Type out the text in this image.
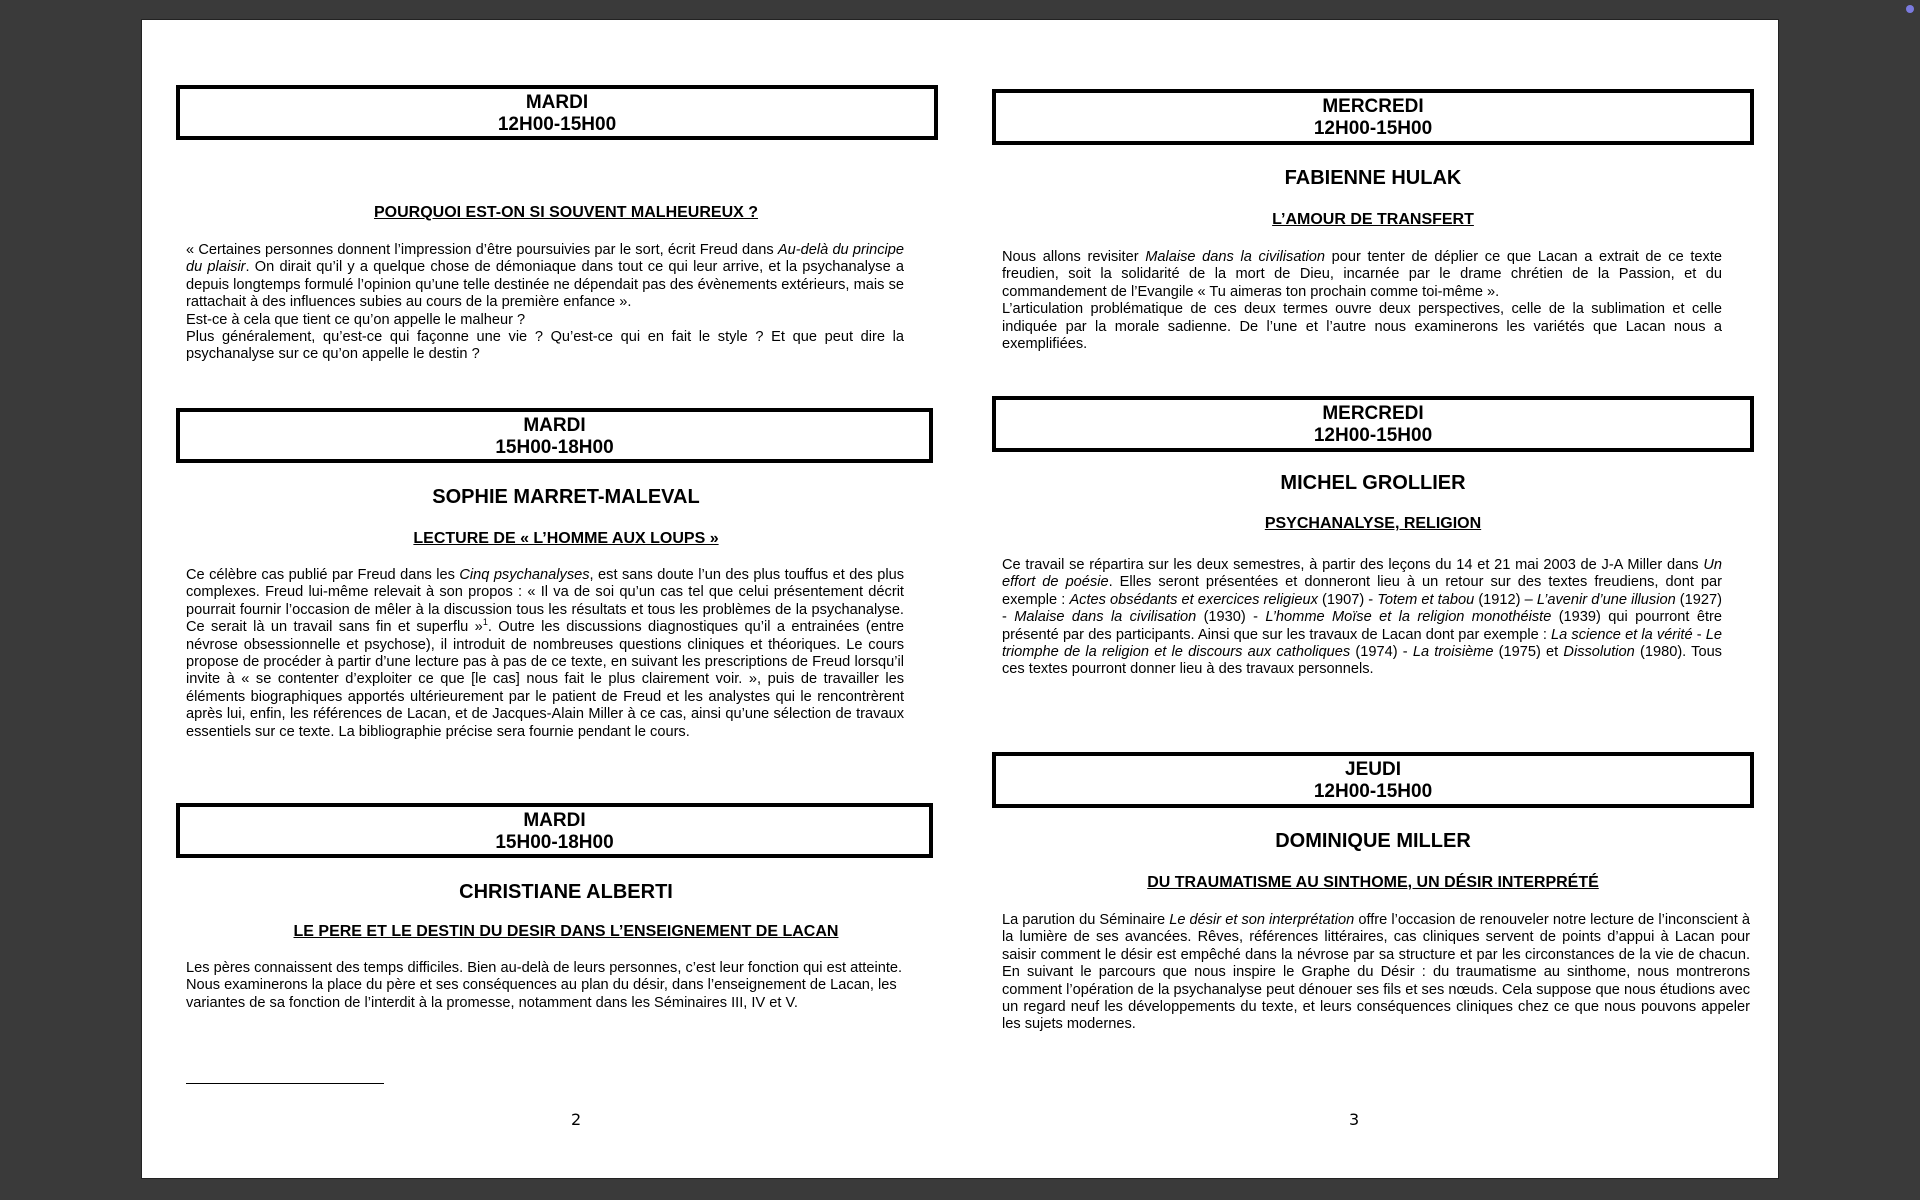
MARDI
12H00-15H00
POURQUOI EST-ON SI SOUVENT MALHEUREUX ?

« Certaines personnes donnent l’impression d’être poursuivies par le sort, écrit Freud dans Au-delà du principe du plaisir. On dirait qu’il y a quelque chose de démoniaque dans tout ce qui leur arrive, et la psychanalyse a depuis longtemps formulé l’opinion qu’une telle destinée ne dépendait pas des évènements extérieurs, mais se rattachait à des influences subies au cours de la première enfance ».

Est-ce à cela que tient ce qu’on appelle le malheur ?

Plus généralement, qu’est-ce qui façonne une vie ? Qu’est-ce qui en fait le style ? Et que peut dire la psychanalyse sur ce qu’on appelle le destin ?

MARDI
15H00-18H00
SOPHIE MARRET-MALEVAL
LECTURE DE « L’HOMME AUX LOUPS »

Ce célèbre cas publié par Freud dans les Cinq psychanalyses, est sans doute l’un des plus touffus et des plus complexes. Freud lui-même relevait à son propos : « Il va de soi qu’un cas tel que celui présentement décrit pourrait fournir l’occasion de mêler à la discussion tous les résultats et tous les problèmes de la psychanalyse. Ce serait là un travail sans fin et superflu »$^1$. Outre les discussions diagnostiques qu’il a entrainées (entre névrose obsessionnelle et psychose), il introduit de nombreuses questions cliniques et théoriques. Le cours propose de procéder à partir d’une lecture pas à pas de ce texte, en suivant les prescriptions de Freud lorsqu’il invite à « se contenter d’exploiter ce que [le cas] nous fait le plus clairement voir. », puis de travailler les éléments biographiques apportés ultérieurement par le patient de Freud et les analystes qui le rencontrèrent après lui, enfin, les références de Lacan, et de Jacques-Alain Miller à ce cas, ainsi qu’une sélection de travaux essentiels sur ce texte. La bibliographie précise sera fournie pendant le cours.

MARDI
15H00-18H00
CHRISTIANE ALBERTI
LE PERE ET LE DESTIN DU DESIR DANS L’ENSEIGNEMENT DE LACAN
Les pères connaissent des temps difficiles. Bien au-delà de leurs personnes, c’est leur fonction qui est atteinte. Nous examinerons la place du père et ses conséquences au plan du désir, dans l’enseignement de Lacan, les variantes de sa fonction de l’interdit à la promesse, notamment dans les Séminaires III, IV et V.
2
MERCREDI
12H00-15H00
FABIENNE HULAK
L’AMOUR DE TRANSFERT

Nous allons revisiter Malaise dans la civilisation pour tenter de déplier ce que Lacan a extrait de ce texte freudien, soit la solidarité de la mort de Dieu, incarnée par le drame chrétien de la Passion, et du commandement de l’Evangile « Tu aimeras ton prochain comme toi-même ».

L’articulation problématique de ces deux termes ouvre deux perspectives, celle de la sublimation et celle indiquée par la morale sadienne. De l’une et l’autre nous examinerons les variétés que Lacan nous a exemplifiées.

MERCREDI
12H00-15H00
MICHEL GROLLIER
PSYCHANALYSE, RELIGION

Ce travail se répartira sur les deux semestres, à partir des leçons du 14 et 21 mai 2003 de J-A Miller dans Un effort de poésie. Elles seront présentées et donneront lieu à un retour sur des textes freudiens, dont par exemple : Actes obsédants et exercices religieux (1907) - Totem et tabou (1912) – L’avenir d’une illusion (1927) - Malaise dans la civilisation (1930) - L’homme Moïse et la religion monothéiste (1939) qui pourront être présenté par des participants. Ainsi que sur les travaux de Lacan dont par exemple : La science et la vérité - Le triomphe de la religion et le discours aux catholiques (1974) - La troisième (1975) et Dissolution (1980). Tous ces textes pourront donner lieu à des travaux personnels.

JEUDI
12H00-15H00
DOMINIQUE MILLER
DU TRAUMATISME AU SINTHOME, UN DÉSIR INTERPRÉTÉ

La parution du Séminaire Le désir et son interprétation offre l’occasion de renouveler notre lecture de l’inconscient à la lumière de ses avancées. Rêves, références littéraires, cas cliniques servent de points d’appui à Lacan pour saisir comment le désir est empêché dans la névrose par sa structure et par les circonstances de la vie de chacun. En suivant le parcours que nous inspire le Graphe du Désir : du traumatisme au sinthome, nous montrerons comment l’opération de la psychanalyse peut dénouer ses fils et ses nœuds. Cela suppose que nous étudions avec un regard neuf les développements du texte, et leurs conséquences cliniques chez ce que nous pouvons appeler les sujets modernes.

3
